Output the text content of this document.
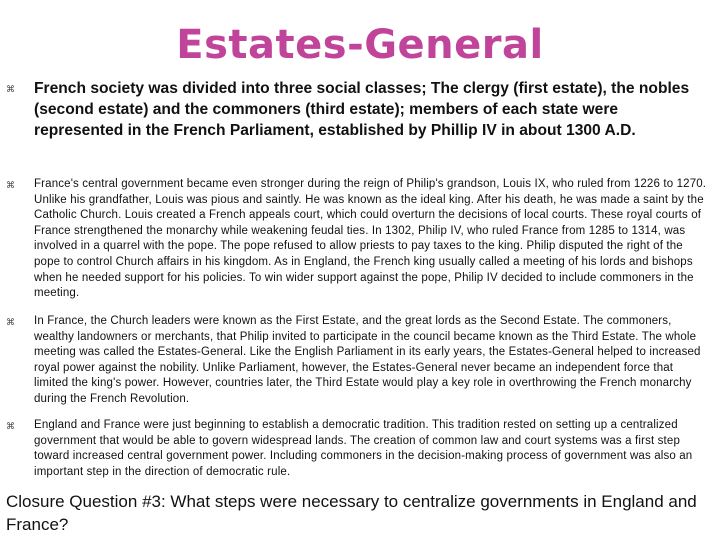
Estates-General
⌘ French society was divided into three social classes; The clergy (first estate), the nobles (second estate) and the commoners (third estate); members of each state were represented in the French Parliament, established by Phillip IV in about 1300 A.D.
⌘ France's central government became even stronger during the reign of Philip's grandson, Louis IX, who ruled from 1226 to 1270. Unlike his grandfather, Louis was pious and saintly. He was known as the ideal king. After his death, he was made a saint by the Catholic Church. Louis created a French appeals court, which could overturn the decisions of local courts. These royal courts of France strengthened the monarchy while weakening feudal ties. In 1302, Philip IV, who ruled France from 1285 to 1314, was involved in a quarrel with the pope. The pope refused to allow priests to pay taxes to the king. Philip disputed the right of the pope to control Church affairs in his kingdom. As in England, the French king usually called a meeting of his lords and bishops when he needed support for his policies. To win wider support against the pope, Philip IV decided to include commoners in the meeting.
⌘ In France, the Church leaders were known as the First Estate, and the great lords as the Second Estate. The commoners, wealthy landowners or merchants, that Philip invited to participate in the council became known as the Third Estate. The whole meeting was called the Estates-General. Like the English Parliament in its early years, the Estates-General helped to increased royal power against the nobility. Unlike Parliament, however, the Estates-General never became an independent force that limited the king's power. However, countries later, the Third Estate would play a key role in overthrowing the French monarchy during the French Revolution.
⌘ England and France were just beginning to establish a democratic tradition. This tradition rested on setting up a centralized government that would be able to govern widespread lands. The creation of common law and court systems was a first step toward increased central government power. Including commoners in the decision-making process of government was also an important step in the direction of democratic rule.
Closure Question #3: What steps were necessary to centralize governments in England and France?
